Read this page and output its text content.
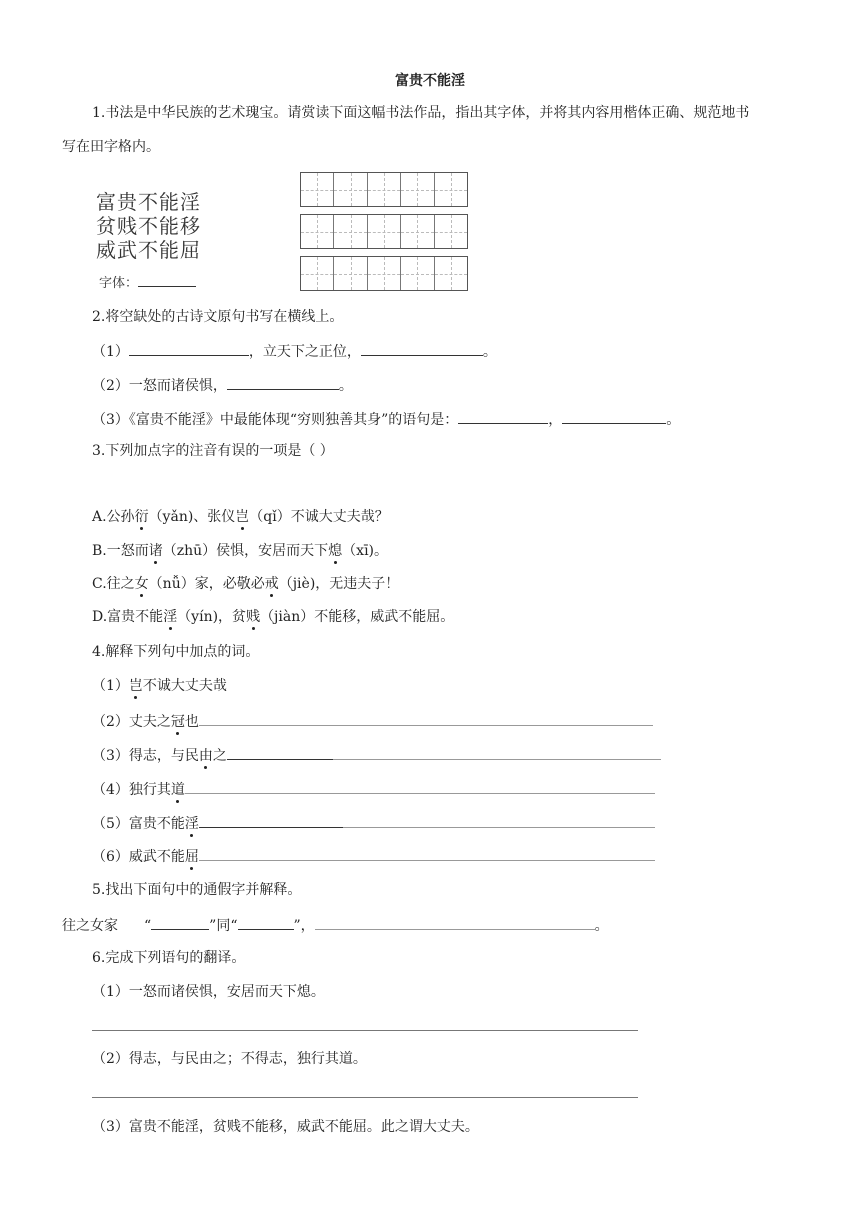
富贵不能淫
1.书法是中华民族的艺术瑰宝。请赏读下面这幅书法作品，指出其字体，并将其内容用楷体正确、规范地书
写在田字格内。
富贵不能淫
贫贱不能移
威武不能屈
字体：
2.将空缺处的古诗文原句书写在横线上。
（1）	，立天下之正位，	。
（2）一怒而诸侯惧，	。
（3）《富贵不能淫》中最能体现“穷则独善其身”的语句是：	，	。
3.下列加点字的注音有误的一项是（ ）
A.公孙衍（yǎn)、张仪岂（qǐ）不诚大丈夫哉？
B.一怒而诸（zhū）侯惧，安居而天下熄（xī)。
C.往之女（nǚ）家，必敬必戒（jiè)，无违夫子！
D.富贵不能淫（yín)，贫贱（jiàn）不能移，威武不能屈。
4.解释下列句中加点的词。
（1）岂不诚大丈夫哉
（2）丈夫之冠也
（3）得志，与民由之
（4）独行其道
（5）富贵不能淫
（6）威武不能屈
5.找出下面句中的通假字并解释。
往之女家 “	”同“	”，	。
6.完成下列语句的翻译。
（1）一怒而诸侯惧，安居而天下熄。
（2）得志，与民由之；不得志，独行其道。
（3）富贵不能淫，贫贱不能移，威武不能屈。此之谓大丈夫。
